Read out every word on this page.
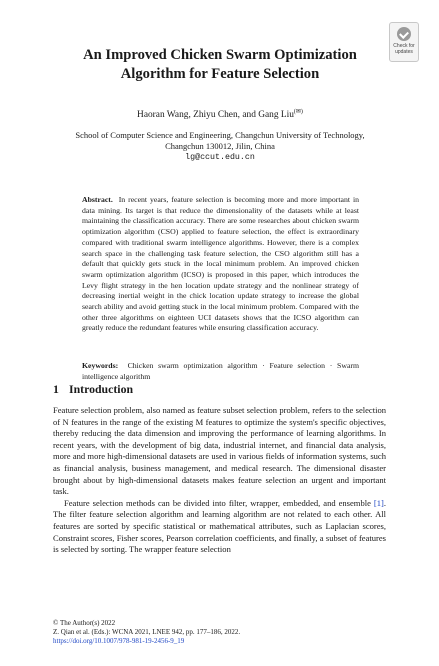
Check for
updates
An Improved Chicken Swarm Optimization Algorithm for Feature Selection
Haoran Wang, Zhiyu Chen, and Gang Liu(✉)
School of Computer Science and Engineering, Changchun University of Technology,
Changchun 130012, Jilin, China
lg@ccut.edu.cn

Abstract. In recent years, feature selection is becoming more and more important in data mining. Its target is that reduce the dimensionality of the datasets while at least maintaining the classification accuracy. There are some researches about chicken swarm optimization algorithm (CSO) applied to feature selection, the effect is extraordinary compared with traditional swarm intelligence algorithms. However, there is a complex search space in the challenging task feature selection, the CSO algorithm still has a default that quickly gets stuck in the local minimum problem. An improved chicken swarm optimization algorithm (ICSO) is proposed in this paper, which introduces the Levy flight strategy in the hen location update strategy and the nonlinear strategy of decreasing inertial weight in the chick location update strategy to increase the global search ability and avoid getting stuck in the local minimum problem. Compared with the other three algorithms on eighteen UCI datasets shows that the ICSO algorithm can greatly reduce the redundant features while ensuring classification accuracy.

Keywords: Chicken swarm optimization algorithm · Feature selection · Swarm intelligence algorithm

1 Introduction

Feature selection problem, also named as feature subset selection problem, refers to the selection of N features in the range of the existing M features to optimize the system's specific objectives, thereby reducing the data dimension and improving the performance of learning algorithms. In recent years, with the development of big data, industrial internet, and financial data analysis, more and more high-dimensional datasets are used in various fields of information systems, such as financial analysis, business management, and medical research. The dimensional disaster brought about by high-dimensional datasets makes feature selection an urgent and important task.

Feature selection methods can be divided into filter, wrapper, embedded, and ensemble [1]. The filter feature selection algorithm and learning algorithm are not related to each other. All features are sorted by specific statistical or mathematical attributes, such as Laplacian scores, Constraint scores, Fisher scores, Pearson correlation coefficients, and finally, a subset of features is selected by sorting. The wrapper feature selection

© The Author(s) 2022
Z. Qian et al. (Eds.): WCNA 2021, LNEE 942, pp. 177–186, 2022.
https://doi.org/10.1007/978-981-19-2456-9_19
